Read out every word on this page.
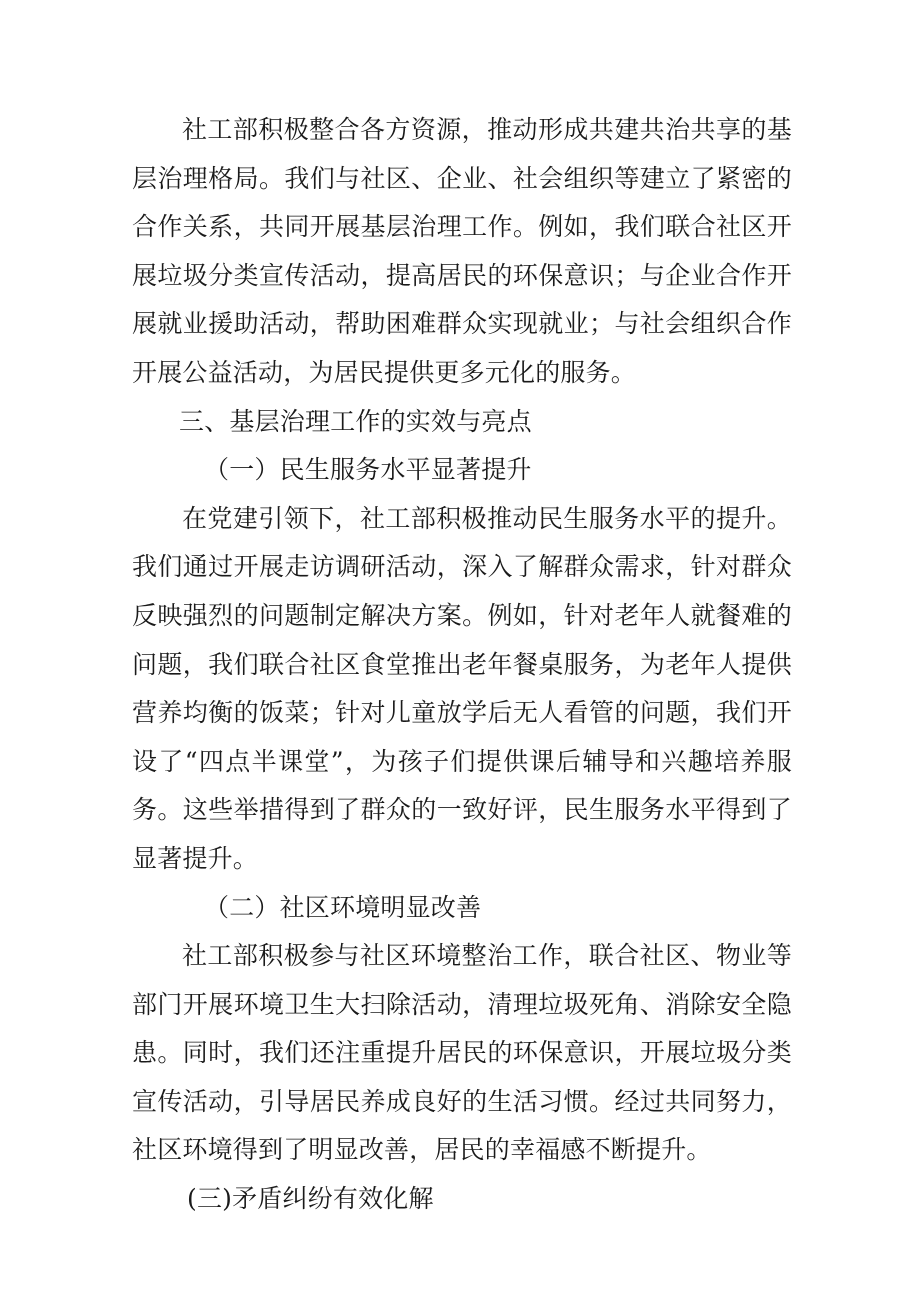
社工部积极整合各方资源，推动形成共建共治共享的基层治理格局。我们与社区、企业、社会组织等建立了紧密的合作关系，共同开展基层治理工作。例如，我们联合社区开展垃圾分类宣传活动，提高居民的环保意识；与企业合作开展就业援助活动，帮助困难群众实现就业；与社会组织合作开展公益活动，为居民提供更多元化的服务。

三、基层治理工作的实效与亮点

（一）民生服务水平显著提升

在党建引领下，社工部积极推动民生服务水平的提升。我们通过开展走访调研活动，深入了解群众需求，针对群众反映强烈的问题制定解决方案。例如，针对老年人就餐难的问题，我们联合社区食堂推出老年餐桌服务，为老年人提供营养均衡的饭菜；针对儿童放学后无人看管的问题，我们开设了“四点半课堂”，为孩子们提供课后辅导和兴趣培养服务。这些举措得到了群众的一致好评，民生服务水平得到了显著提升。

（二）社区环境明显改善

社工部积极参与社区环境整治工作，联合社区、物业等部门开展环境卫生大扫除活动，清理垃圾死角、消除安全隐患。同时，我们还注重提升居民的环保意识，开展垃圾分类宣传活动，引导居民养成良好的生活习惯。经过共同努力，社区环境得到了明显改善，居民的幸福感不断提升。

(三)矛盾纠纷有效化解
